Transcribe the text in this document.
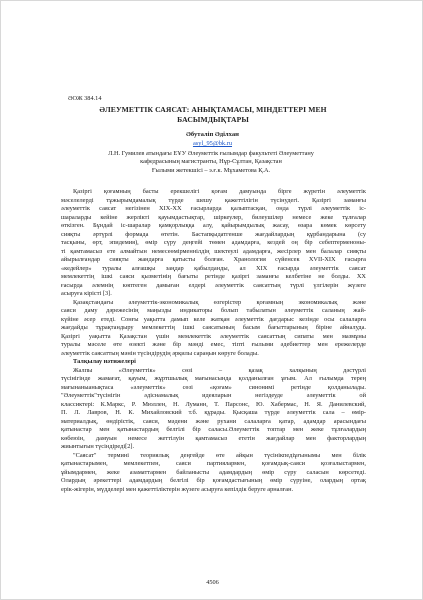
ӘОЖ 384.14
ӘЛЕУМЕТТІК САЯСАТ: АНЫҚТАМАСЫ, МІНДЕТТЕРІ МЕН
БАСЫМДЫҚТАРЫ
Әбуталіп Әділхан
asyl_95@bk.ru
Л.Н. Гумилев атындағы ЕҰУ Әлеуметтік ғылымдар факультеті Әлеуметтану
кафедрасының магистранты, Нұр-Сұлтан, Қазақстан
Ғылыми жетекшісі – э.ғ.к. Мұхаметова Қ.А.
Қазіргі қоғамның басты ерекшелігі қоғам дамуында бірге жүретін әлеуметтік
мәселелерді тұжырымдамалық түрде шешу қажеттілігін түсінудегі. Қазіргі заманғы
әлеуметтік саясат негізінен XIX-XX ғасырларда қалыптасқан, онда түрлі әлеуметтік іс-
шараларды кейіне жерлікті қауымдастықтар, шіркеулер, билеушілер немесе жеке тұлғалар
өткізген. Бұндай іс-шаралар қамқорлыққа алу, қайырымдылық жасау, өзара көмек көрсету
сияқты әртүрлі формада өтетін. Бастапқыдатгенше жағдайлардың құрбандарына (су
тасқыны, өрт, эпидемия), өмір сүру деңгейі төмен адамдарға, кездей оң бір себептерменоны-
ті қамтамасыз ете алмайтын немесеөмірменнілдің шектеулі адамдарға, жесірлер мен балалар сияқты
айырылғандар сияқты жандарға қатысты болған. Хранология сүйенсек XVII-XIX ғасырға
«кедейлер» туралы алғашқы заңдар қабылданды, ал XIX ғасырда әлеуметтік саясат
мемлекеттің ішкі саяси қызметінің бағыты ретінде қазіргі заманғы келбетіне не болды. XX
ғасырда әлемнің көптеген дамыған елдері әлеуметтік саясаттың түрлі үлгілерін жүзеге
асыруға кірісті [3].
Қазақстандағы әлеуметтік-экономикалық өзгерістер қоғамның экономикалық және
саяси даму дәрежесінің маңызды индикаторы болып табылатын әлеуметтік саланың жай-
күйіне әсер етеді. Сонғы уақытта дамып келе жатқан әлеуметтік дағдарыс кезінде осы салаларға
жағдайды тұрақтандыру мемлекеттің ішкі саясатының басым бағыттарының біріне айналуда.
Қазіргі уақытта Қазақстан үшін мемлекеттік әлеуметтік саясаттың сипаты мен мазмұны
туралы мәселе өте өзекті және бір мәнді емес, тіпті ғылыми әдебиеттер мен ережелерде
әлеуметтік саясаттың мәнін түсіндірудің әрқилы сараңын көруге болады.
Талқылау нәтижелері
Жалпы «Әлеуметтік» сөзі – қазақ халқының дәстүрлі
түсінігінде жамағат, қауым, жұртшылық мағынасында қолданылған ұғым. Ал ғылымда терең
мағынаныанықтаса «әлеуметтік» сөзі «қоғам» синонимі ретінде қолданылады.
"Әлеуметтік"түсінігін әдіснамалық идеяларын негіздеуде әлеуметтік ой
классиктері: К.Маркс, Р. Мюллен, Н. Луманн, Т. Парсонс, Ю. Хабермас, Н. Я. Данилевский,
П. Л. Лавров, Н. К. Михайловский т.б. құрады. Қысқаша түрде әлеуметтік сала – өмір-
материалдық, өндірістік, саяси, мәдени және рухани салаларға қатар, адамдар арасындағы
қатынастар мен қатынастардың белгілі бір саласы.Әлеуметтік топтар мен жеке тұлғалардың
көбеюін, дамуын немесе жеттілуін қамтамасыз ететін жағдайлар мен факторлардың
жиынтығын түсіндіреді[2].
"Саясат" термині теориялық деңгейде өте айқын түсінікпедіұғынымы мен білік
қатынастарымен, мемлекетпен, саяси партиялармен, қоғамдық-саяси қозғалыстармен,
ұйымдармен, жеке азаматтармен байланысты адамдардың өмір сүру саласын көрсетеді.
Олардың әрекеттері адамдардың белгілі бір қоғамдастығының өмір сүруіне, олардың ортақ
ерік-жігерін, мүдделері мен қажеттіліктерін жүзеге асыруға кепілдік беруге арналған.
4506
